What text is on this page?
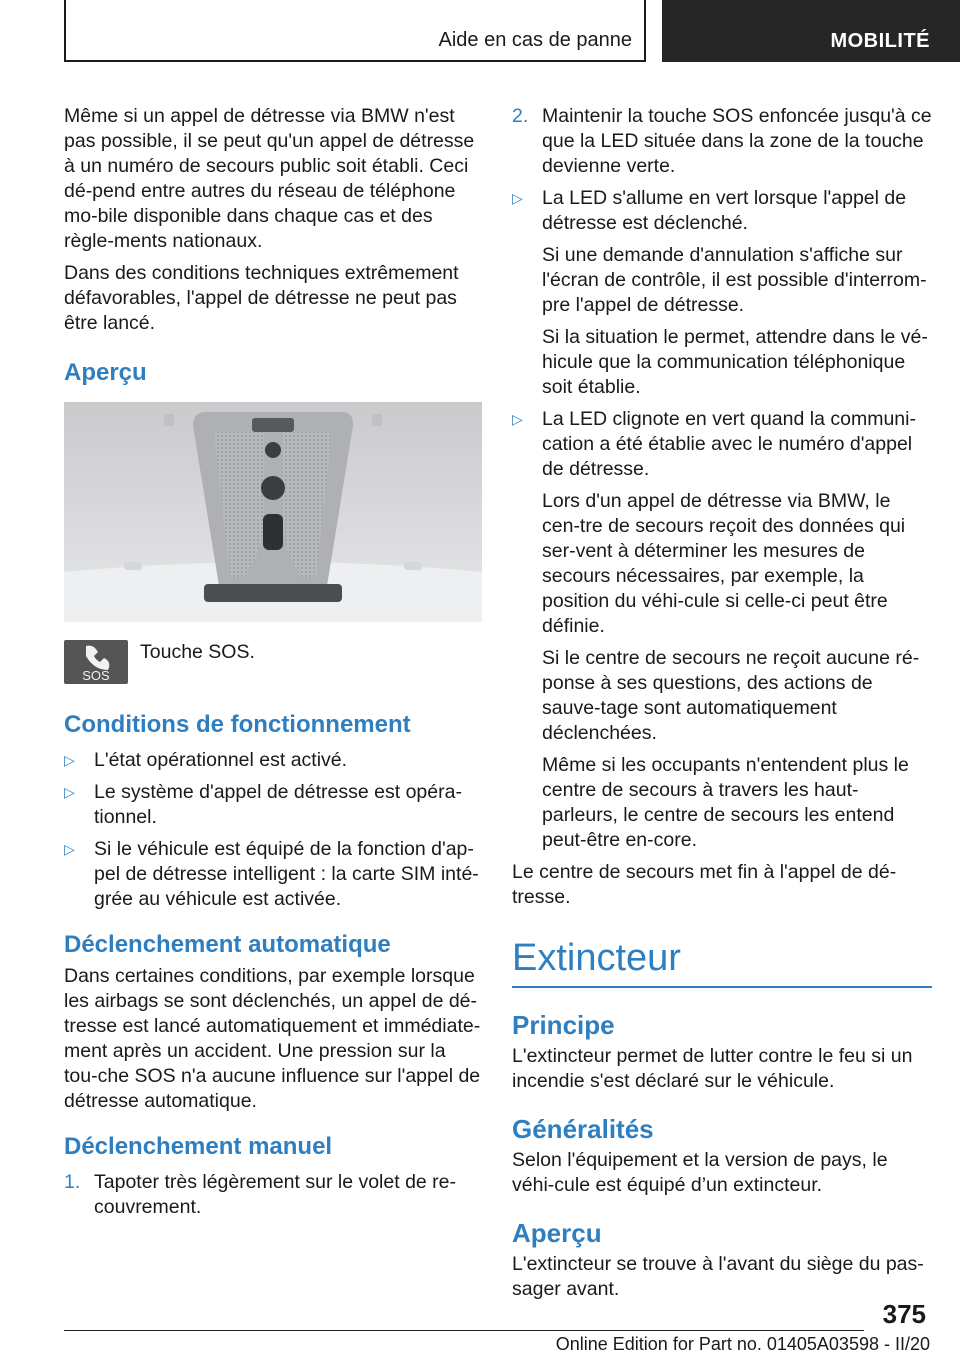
Aide en cas de panne	MOBILITÉ

Même si un appel de détresse via BMW n'est pas possible, il se peut qu'un appel de détresse à un numéro de secours public soit établi. Ceci dé-pend entre autres du réseau de téléphone mo-bile disponible dans chaque cas et des règle-ments nationaux.

Dans des conditions techniques extrêmement défavorables, l'appel de détresse ne peut pas être lancé.

Aperçu
SOS
Touche SOS.
Conditions de fonctionnement
▷ L'état opérationnel est activé.
▷ Le système d'appel de détresse est opéra-tionnel.
▷ Si le véhicule est équipé de la fonction d'ap-pel de détresse intelligent : la carte SIM inté-grée au véhicule est activée.
Déclenchement automatique

Dans certaines conditions, par exemple lorsque les airbags se sont déclenchés, un appel de dé-tresse est lancé automatiquement et immédiate-ment après un accident. Une pression sur la tou-che SOS n'a aucune influence sur l'appel de détresse automatique.

Déclenchement manuel
1. Tapoter très légèrement sur le volet de re-couvrement.
2. Maintenir la touche SOS enfoncée jusqu'à ce que la LED située dans la zone de la touche devienne verte.
▷ La LED s'allume en vert lorsque l'appel de détresse est déclenché.

Si une demande d'annulation s'affiche sur l'écran de contrôle, il est possible d'interrom-pre l'appel de détresse.

Si la situation le permet, attendre dans le vé-hicule que la communication téléphonique soit établie.

▷ La LED clignote en vert quand la communi-cation a été établie avec le numéro d'appel de détresse.

Lors d'un appel de détresse via BMW, le cen-tre de secours reçoit des données qui ser-vent à déterminer les mesures de secours nécessaires, par exemple, la position du véhi-cule si celle-ci peut être définie.

Si le centre de secours ne reçoit aucune ré-ponse à ses questions, des actions de sauve-tage sont automatiquement déclenchées.

Même si les occupants n'entendent plus le centre de secours à travers les haut-parleurs, le centre de secours les entend peut-être en-core.

Le centre de secours met fin à l'appel de dé-tresse.

Extincteur
Principe

L'extincteur permet de lutter contre le feu si un incendie s'est déclaré sur le véhicule.

Généralités

Selon l'équipement et la version de pays, le véhi-cule est équipé d’un extincteur.

Aperçu

L'extincteur se trouve à l'avant du siège du pas-sager avant.

375
Online Edition for Part no. 01405A03598 - II/20
